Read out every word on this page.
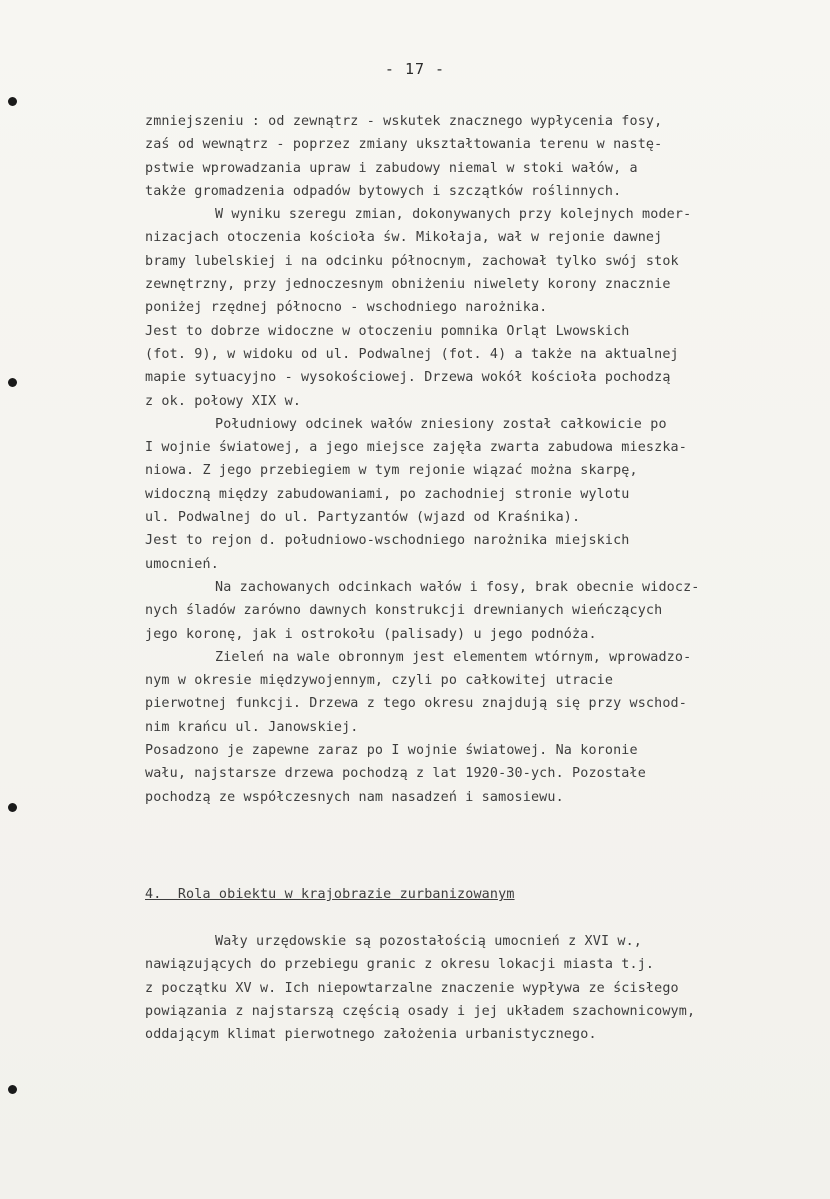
- 17 -
zmniejszeniu : od zewnątrz - wskutek znacznego wypłycenia fosy,
zaś od wewnątrz - poprzez zmiany ukształtowania terenu w nastę-
pstwie wprowadzania upraw i zabudowy niemal w stoki wałów, a
także gromadzenia odpadów bytowych i szczątków roślinnych.
W wyniku szeregu zmian, dokonywanych przy kolejnych moder-
nizacjach otoczenia kościoła św. Mikołaja, wał w rejonie dawnej
bramy lubelskiej i na odcinku północnym, zachował tylko swój stok
zewnętrzny, przy jednoczesnym obniżeniu niwelety korony znacznie
poniżej rzędnej północno - wschodniego narożnika.
Jest to dobrze widoczne w otoczeniu pomnika Orląt Lwowskich
(fot. 9), w widoku od ul. Podwalnej (fot. 4) a także na aktualnej
mapie sytuacyjno - wysokościowej. Drzewa wokół kościoła pochodzą
z ok. połowy XIX w.
Południowy odcinek wałów zniesiony został całkowicie po
I wojnie światowej, a jego miejsce zajęła zwarta zabudowa mieszka-
niowa. Z jego przebiegiem w tym rejonie wiązać można skarpę,
widoczną między zabudowaniami, po zachodniej stronie wylotu
ul. Podwalnej do ul. Partyzantów (wjazd od Kraśnika).
Jest to rejon d. południowo-wschodniego narożnika miejskich
umocnień.
Na zachowanych odcinkach wałów i fosy, brak obecnie widocz-
nych śladów zarówno dawnych konstrukcji drewnianych wieńczących
jego koronę, jak i ostrokołu (palisady) u jego podnóża.
Zieleń na wale obronnym jest elementem wtórnym, wprowadzo-
nym w okresie międzywojennym, czyli po całkowitej utracie
pierwotnej funkcji. Drzewa z tego okresu znajdują się przy wschod-
nim krańcu ul. Janowskiej.
Posadzono je zapewne zaraz po I wojnie światowej. Na koronie
wału, najstarsze drzewa pochodzą z lat 1920-30-ych. Pozostałe
pochodzą ze współczesnych nam nasadzeń i samosiewu.
4.  Rola obiektu w krajobrazie zurbanizowanym
Wały urzędowskie są pozostałością umocnień z XVI w.,
nawiązujących do przebiegu granic z okresu lokacji miasta t.j.
z początku XV w. Ich niepowtarzalne znaczenie wypływa ze ścisłego
powiązania z najstarszą częścią osady i jej układem szachownicowym,
oddającym klimat pierwotnego założenia urbanistycznego.
